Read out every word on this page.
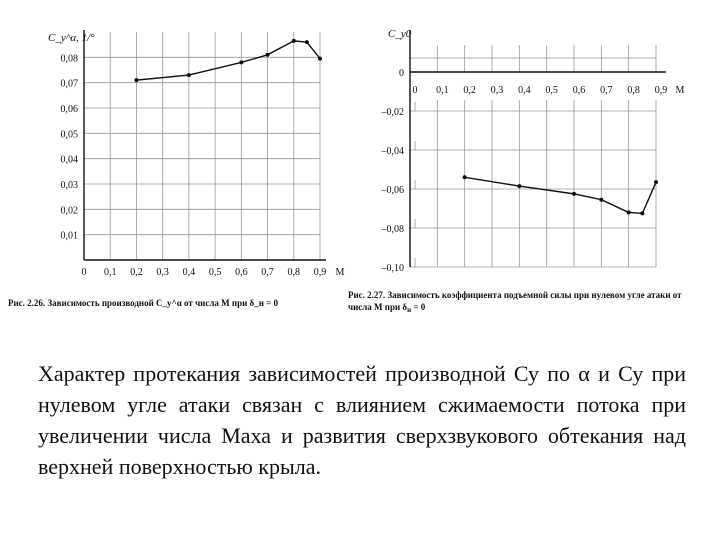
C_y^α, 1/°
Рис. 2.26. Зависимость производной C_y^α от числа M при δ_н = 0
0,01
0,02
0,03
0,04
0,05
0,06
0,07
0,08
0 0,1 0,2 0,3 0,4 0,5 0,6 0,7 0,8 0,9 M
C_y0
Рис. 2.27. Зависимость коэффициента подъемной силы при нулевом угле атаки от
числа M при $\delta_н = 0$
0
–0,02
–0,04
–0,06
–0,08
–0,10
0 0,1 0,2 0,3 0,4 0,5 0,6 0,7 0,8 0,9 M

Характер протекания зависимостей производной Су по α и Су при нулевом угле атаки связан с влиянием сжимаемости потока при увеличении числа Маха и развития сверхзвукового обтекания над верхней поверхностью крыла.
